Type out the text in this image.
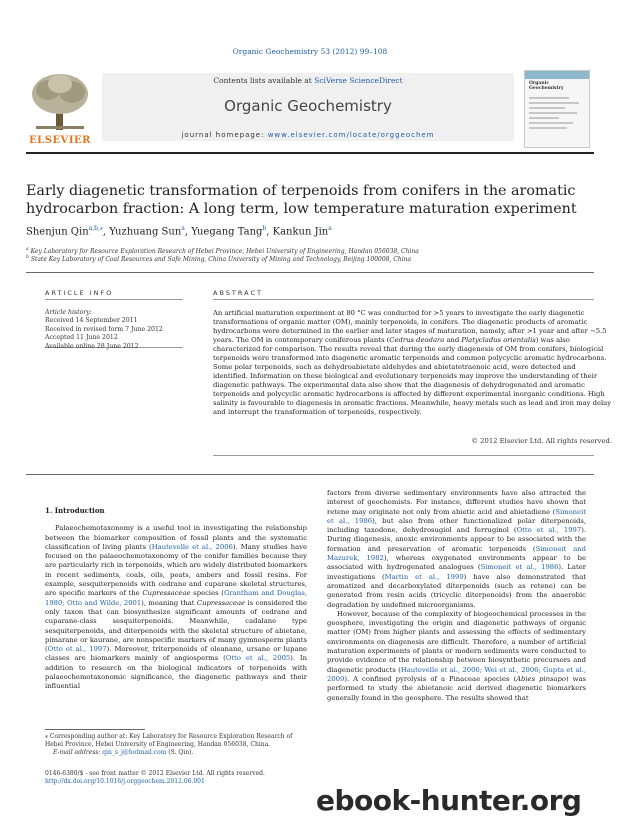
Organic Geochemistry 53 (2012) 99–108
ELSEVIER
Contents lists available at SciVerse ScienceDirect
Organic Geochemistry
journal homepage: www.elsevier.com/locate/orggeochem
Organic Geochemistry
Early diagenetic transformation of terpenoids from conifers in the aromatic hydrocarbon fraction: A long term, low temperature maturation experiment
Shenjun Qin$^{a,b,⁎}$, Yuzhuang Sun$^a$, Yuegang Tang$^b$, Kankun Jin$^a$
$^a$ Key Laboratory for Resource Exploration Research of Hebei Province, Hebei University of Engineering, Handan 056038, China
$^b$ State Key Laboratory of Coal Resources and Safe Mining, China University of Mining and Technology, Beijing 100008, China
ARTICLE INFO
Article history:
Received 14 September 2011
Received in revised form 7 June 2012
Accepted 11 June 2012
Available online 28 June 2012
ABSTRACT
An artificial maturation experiment at 80 °C was conducted for >5 years to investigate the early diagenetic transformations of organic matter (OM), mainly terpenoids, in conifers. The diagenetic products of aromatic hydrocarbons were determined in the earlier and later stages of maturation, namely, after >1 year and after ∼5.5 years. The OM in contemporary coniferous plants (Cedrus deodara and Platycladus orientalis) was also characterized for comparison. The results reveal that during the early diagenesis of OM from conifers, biological terpenoids were transformed into diagenetic aromatic terpenoids and common polycyclic aromatic hydrocarbons. Some polar terpenoids, such as dehydroabietate aldehydes and abietatetraenoic acid, were detected and identified. Information on these biological and evolutionary terpenoids may improve the understanding of their diagenetic pathways. The experimental data also show that the diagenesis of dehydrogenated and aromatic terpenoids and polycyclic aromatic hydrocarbons is affected by different experimental inorganic conditions. High salinity is favourable to diagenesis in aromatic fractions. Meanwhile, heavy metals such as lead and iron may delay and interrupt the transformation of terpenoids, respectively.
© 2012 Elsevier Ltd. All rights reserved.

1. Introduction

Palaeochemotaxonomy is a useful tool in investigating the relationship between the biomarker composition of fossil plants and the systematic classification of living plants (Hautevelle et al., 2006). Many studies have focused on the palaeochemotaxonomy of the conifer families because they are particularly rich in terpenoids, which are widely distributed biomarkers in recent sediments, coals, oils, peats, ambers and fossil resins. For example, sesquiterpenoids with cedrane and cuparane skeletal structures, are specific markers of the Cupressaceae species (Grantham and Douglas, 1980; Otto and Wilde, 2001), meaning that Cupressaceae is considered the only taxon that can biosynthesize significant amounts of cedrane and cuparane-class sesquiterpenoids. Meanwhile, cadalane type sesquiterpenoids, and diterpenoids with the skeletal structure of abietane, pimarane or kaurane, are nonspecific markers of many gymnosperm plants (Otto et al., 1997). Moreover, triterpenoids of oleanane, ursane or lupane classes are biomarkers mainly of angiosperms (Otto et al., 2005). In addition to research on the biological indicators of terpenoids with palaeochemotaxonomic significance, the diagenetic pathways and their influential

factors from diverse sedimentary environments have also attracted the interest of geochemists. For instance, different studies have shown that retene may originate not only from abietic acid and abietadiene (Simoneit et al., 1986), but also from other functionalized polar diterpenoids, including taxodone, dehydrosugiol and ferruginol (Otto et al., 1997). During diagenesis, anoxic environments appear to be associated with the formation and preservation of aromatic terpenoids (Simoneit and Mazurek, 1982), whereas oxygenated environments appear to be associated with hydrogenated analogues (Simoneit et al., 1986). Later investigations (Martin et al., 1999) have also demonstrated that aromatized and decarboxylated diterpenoids (such as retene) can be generated from resin acids (tricyclic diterpenoids) from the anaerobic degradation by undefined microorganisms.

However, because of the complexity of biogeochemical processes in the geosphere, investigating the origin and diagenetic pathways of organic matter (OM) from higher plants and assessing the effects of sedimentary environments on diagenesis are difficult. Therefore, a number of artificial maturation experiments of plants or modern sediments were conducted to provide evidence of the relationship between biosynthetic precursors and diagenetic products (Hautevelle et al., 2006; Wei et al., 2006; Gupta et al., 2009). A confined pyrolysis of a Pinaceae species (Abies pinsapo) was performed to study the abietanoic acid derived diagenetic biomarkers generally found in the geosphere. The results showed that

⁎ Corresponding author at: Key Laboratory for Resource Exploration Research of Hebei Province, Hebei University of Engineering, Handan 056038, China.
E-mail address: qin_s_j@hotmail.com (S. Qin).
0146-6380/$ - see front matter © 2012 Elsevier Ltd. All rights reserved.
http://dx.doi.org/10.1016/j.orggeochem.2012.06.001
ebook-hunter.org
